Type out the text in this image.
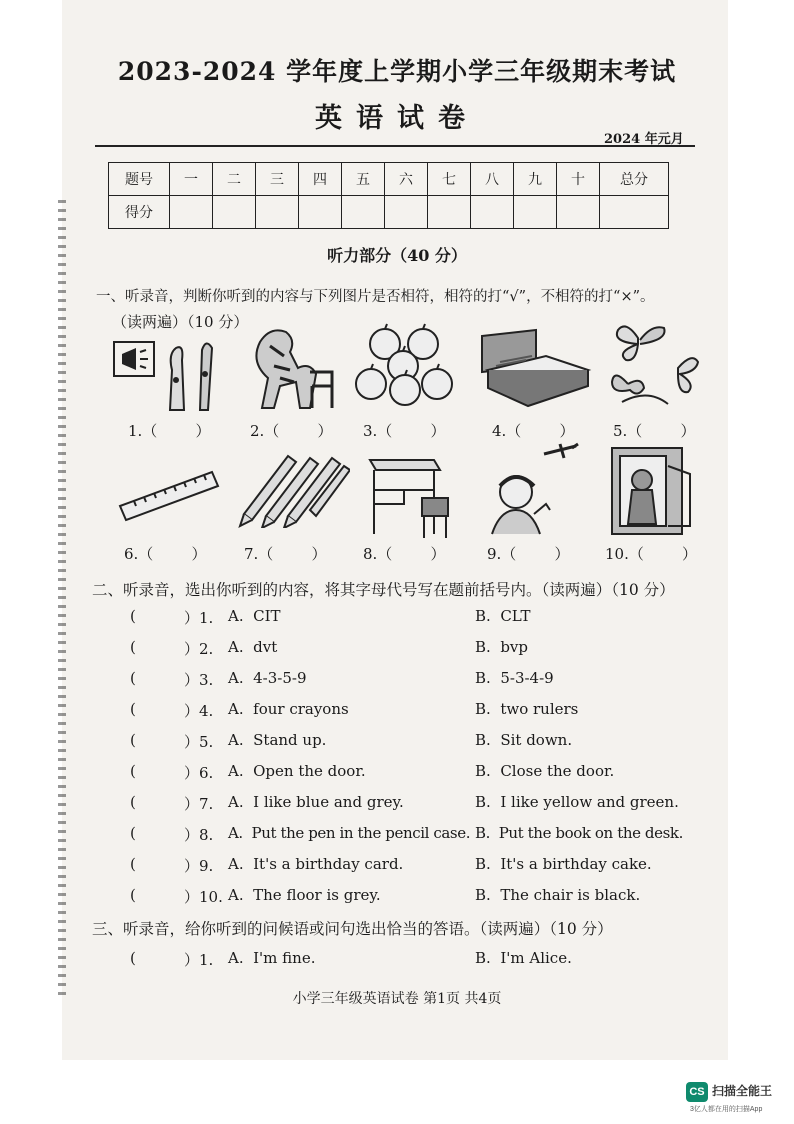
2023-2024 学年度上学期小学三年级期末考试
英语试卷
2024 年元月
题号	一	二	三	四	五	六	七	八	九	十	总分
得分											
听力部分（40 分）
一、听录音，判断你听到的内容与下列图片是否相符，相符的打“√”，不相符的打“×”。
（读两遍）（10 分）
1.（        ）	2.（        ） 3.（        ）	4.（        ）	5.（        ）
6.（        ）	7.（        ） 8.（        ）	9.（        ） 10.（        ）
二、听录音，选出你听到的内容，将其字母代号写在题前括号内。（读两遍）（10 分）
(	）1. A.  CIT	B.  CLT
(	）2. A.  dvt	B.  bvp
(	）3. A.  4-3-5-9	B.  5-3-4-9
(	）4. A.  four crayons	B.  two rulers
(	）5. A.  Stand up.	B.  Sit down.
(	）6. A.  Open the door.	B.  Close the door.
(	）7. A.  I like blue and grey.	B.  I like yellow and green.
(	）8. A.  Put the pen in the pencil case. B.  Put the book on the desk.
(	）9. A.  It's a birthday card.	B.  It's a birthday cake.
(	）10. A.  The floor is grey.	B.  The chair is black.
三、听录音，给你听到的问候语或问句选出恰当的答语。（读两遍）（10 分）
(	）1. A.  I'm fine.	B.  I'm Alice.
小学三年级英语试卷 第1页 共4页
CS 扫描全能王
3亿人都在用的扫描App
